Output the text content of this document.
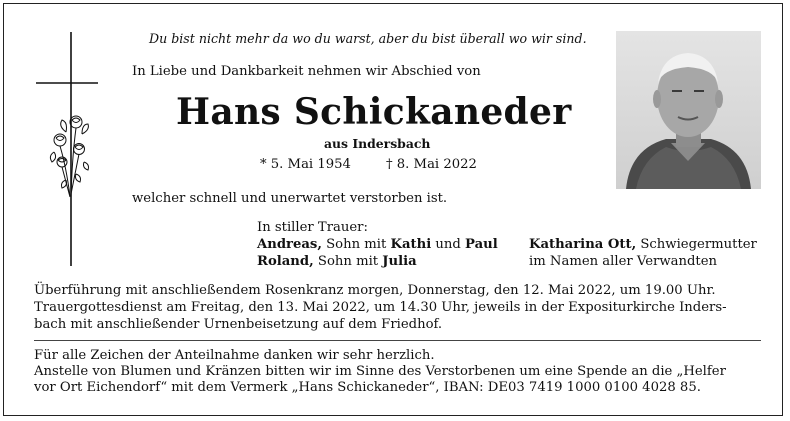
Du bist nicht mehr da wo du warst, aber du bist überall wo wir sind.
In Liebe und Dankbarkeit nehmen wir Abschied von
Hans Schickaneder
aus Indersbach
* 5. Mai 1954	† 8. Mai 2022
welcher schnell und unerwartet verstorben ist.
In stiller Trauer:
Andreas, Sohn mit Kathi und Paul
Roland, Sohn mit Julia
Katharina Ott, Schwiegermutter
im Namen aller Verwandten
Überführung mit anschließendem Rosenkranz morgen, Donnerstag, den 12. Mai 2022, um 19.00 Uhr.
Trauergottesdienst am Freitag, den 13. Mai 2022, um 14.30 Uhr, jeweils in der Expositurkirche Inders-
bach mit anschließender Urnenbeisetzung auf dem Friedhof.
Für alle Zeichen der Anteilnahme danken wir sehr herzlich.
Anstelle von Blumen und Kränzen bitten wir im Sinne des Verstorbenen um eine Spende an die „Helfer
vor Ort Eichendorf“ mit dem Vermerk „Hans Schickaneder“, IBAN: DE03 7419 1000 0100 4028 85.
